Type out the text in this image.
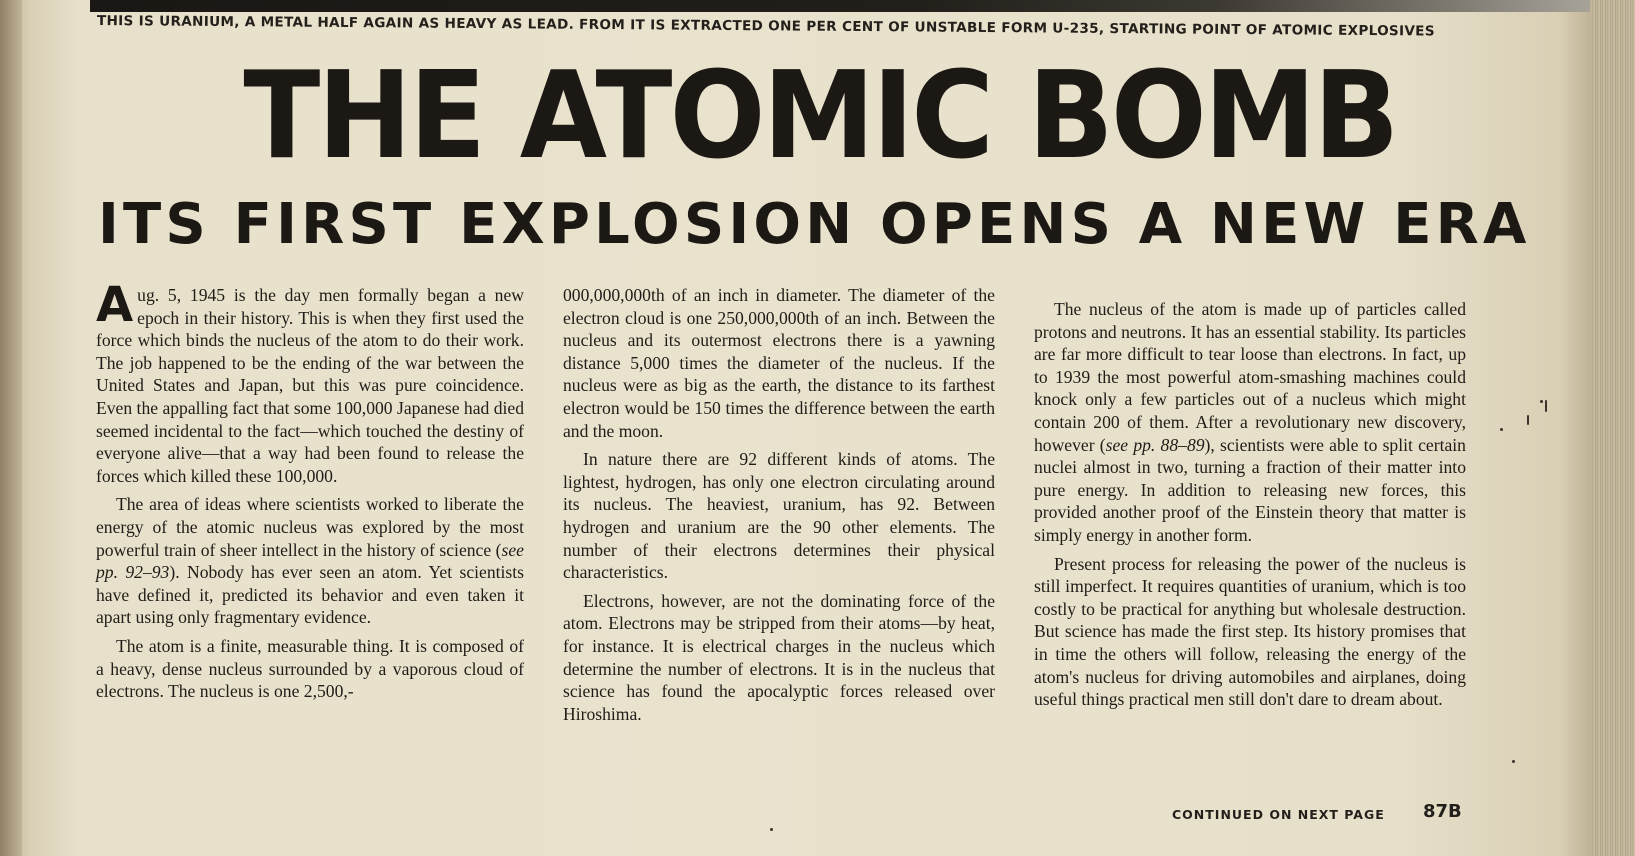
THIS IS URANIUM, A METAL HALF AGAIN AS HEAVY AS LEAD. FROM IT IS EXTRACTED ONE PER CENT OF UNSTABLE FORM U-235, STARTING POINT OF ATOMIC EXPLOSIVES
THE ATOMIC BOMB
ITS FIRST EXPLOSION OPENS A NEW ERA

Aug. 5, 1945 is the day men formally began a new epoch in their history. This is when they first used the force which binds the nucleus of the atom to do their work. The job happened to be the ending of the war between the United States and Japan, but this was pure coincidence. Even the appalling fact that some 100,000 Japanese had died seemed incidental to the fact—which touched the destiny of everyone alive—that a way had been found to release the forces which killed these 100,000.

The area of ideas where scientists worked to liberate the energy of the atomic nucleus was explored by the most powerful train of sheer intellect in the history of science (see pp. 92–93). Nobody has ever seen an atom. Yet scientists have defined it, predicted its behavior and even taken it apart using only fragmentary evidence.

The atom is a finite, measurable thing. It is composed of a heavy, dense nucleus surrounded by a vaporous cloud of electrons. The nucleus is one 2,500,-

000,000,000th of an inch in diameter. The diameter of the electron cloud is one 250,000,000th of an inch. Between the nucleus and its outermost electrons there is a yawning distance 5,000 times the diameter of the nucleus. If the nucleus were as big as the earth, the distance to its farthest electron would be 150 times the difference between the earth and the moon.

In nature there are 92 different kinds of atoms. The lightest, hydrogen, has only one electron circulating around its nucleus. The heaviest, uranium, has 92. Between hydrogen and uranium are the 90 other elements. The number of their electrons determines their physical characteristics.

Electrons, however, are not the dominating force of the atom. Electrons may be stripped from their atoms—by heat, for instance. It is electrical charges in the nucleus which determine the number of electrons. It is in the nucleus that science has found the apocalyptic forces released over Hiroshima.

The nucleus of the atom is made up of particles called protons and neutrons. It has an essential stability. Its particles are far more difficult to tear loose than electrons. In fact, up to 1939 the most powerful atom-smashing machines could knock only a few particles out of a nucleus which might contain 200 of them. After a revolutionary new discovery, however (see pp. 88–89), scientists were able to split certain nuclei almost in two, turning a fraction of their matter into pure energy. In addition to releasing new forces, this provided another proof of the Einstein theory that matter is simply energy in another form.

Present process for releasing the power of the nucleus is still imperfect. It requires quantities of uranium, which is too costly to be practical for anything but wholesale destruction. But science has made the first step. Its history promises that in time the others will follow, releasing the energy of the atom's nucleus for driving automobiles and airplanes, doing useful things practical men still don't dare to dream about.

CONTINUED ON NEXT PAGE 87B
